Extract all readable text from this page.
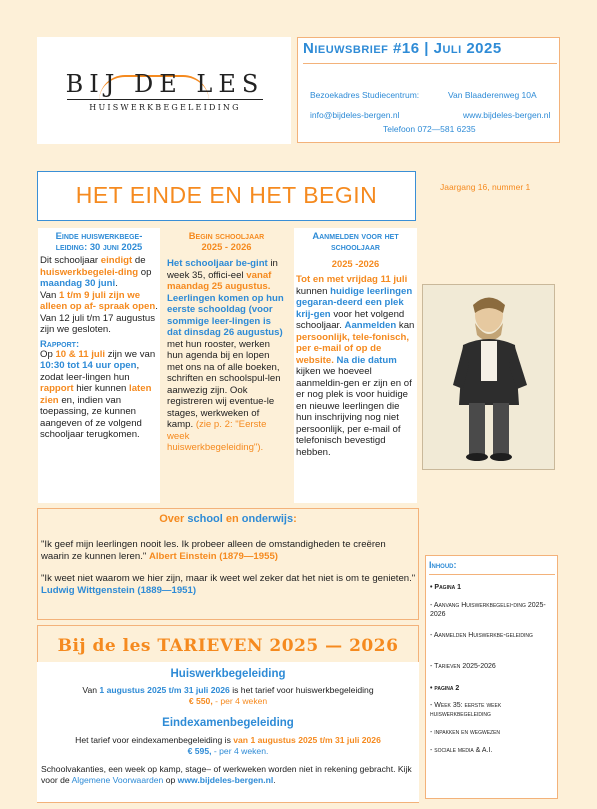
BIJ DE LES
HUISWERKBEGELEIDING
Nieuwsbrief #16 | Juli 2025
Bezoekadres Studiecentrum:	Van Blaaderenweg 10A
info@bijdeles-bergen.nl	www.bijdeles-bergen.nl
Telefoon 072—581 6235
HET EINDE EN HET BEGIN	Jaargang 16, nummer 1
Einde huiswerkbege-
leiding: 30 juni 2025
Dit schooljaar eindigt de huiswerkbegelei-ding op maandag 30 juni.
Van 1 t/m 9 juli zijn we alleen op af- spraak open.
Van 12 juli t/m 17 augustus zijn we gesloten.
Rapport:
Op 10 & 11 juli zijn we van 10:30 tot 14 uur open, zodat leer-lingen hun rapport hier kunnen laten zien en, indien van toepassing, ze kunnen aangeven of ze volgend schooljaar terugkomen.
Begin schooljaar
2025 - 2026
Het schooljaar be-gint in week 35, offici-eel vanaf maandag 25 augustus. Leerlingen komen op hun eerste schooldag (voor sommige leer-lingen is dat dinsdag 26 augustus) met hun rooster, werken hun agenda bij en lopen met ons na of alle boeken, schriften en schoolspul-len aanwezig zijn. Ook registreren wij eventue-le stages, werkweken of kamp. (zie p. 2: "Eerste week huiswerkbegeleiding").
Aanmelden voor het
schooljaar
2025 -2026
Tot en met vrijdag 11 juli kunnen huidige leerlingen gegaran-deerd een plek krij-gen voor het volgend schooljaar. Aanmelden kan persoonlijk, tele-fonisch, per e-mail of op de website. Na die datum kijken we hoeveel aanmeldin-gen er zijn en of er nog plek is voor huidige en nieuwe leerlingen die hun inschrijving nog niet persoonlijk, per e-mail of telefonisch bevestigd hebben.
Over school en onderwijs:
"Ik geef mijn leerlingen nooit les. Ik probeer alleen de omstandigheden te creëren waarin ze kunnen leren." Albert Einstein (1879—1955)
"Ik weet niet waarom we hier zijn, maar ik weet wel zeker dat het niet is om te genieten." Ludwig Wittgenstein (1889—1951)
Inhoud:
• Pagina 1
- Aanvang Huiswerkbegelei-ding 2025-2026
- Aanmelden Huiswerkbe-geleiding
- Tarieven 2025-2026
• pagina 2
- Week 35: eerste week huiswerkbegeleiding
- inpakken en wegwezen
- sociale media & A.I.
Bij de les TARIEVEN 2025 — 2026
Huiswerkbegeleiding
Van 1 augustus 2025 t/m 31 juli 2026 is het tarief voor huiswerkbegeleiding
€ 550, - per 4 weken
Eindexamenbegeleiding
Het tarief voor eindexamenbegeleiding is van 1 augustus 2025 t/m 31 juli 2026
€ 595, - per 4 weken.
Schoolvakanties, een week op kamp, stage– of werkweken worden niet in rekening gebracht. Kijk voor de Algemene Voorwaarden op www.bijdeles-bergen.nl.
